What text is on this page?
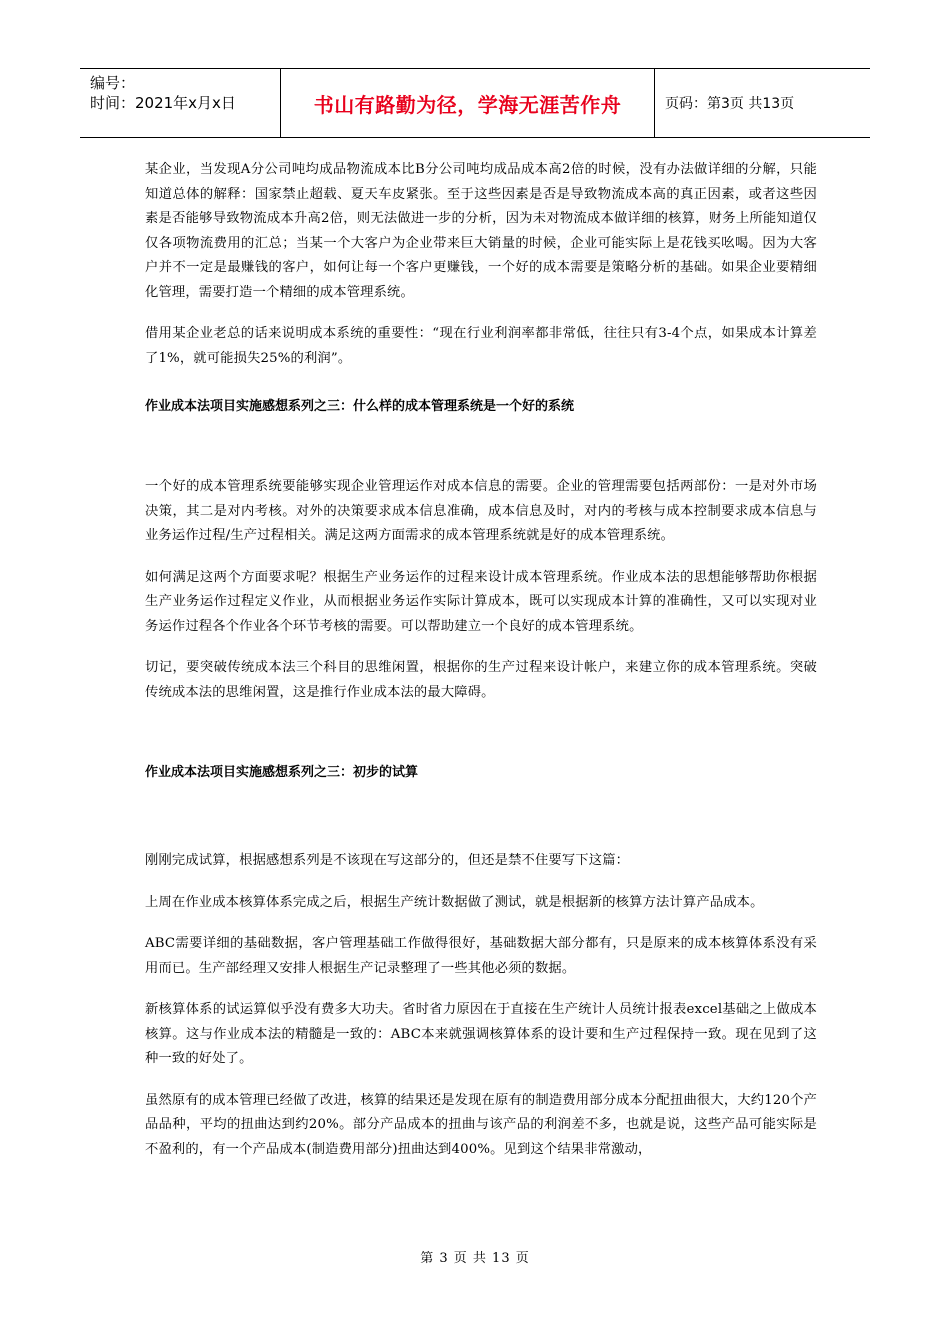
编号：
时间：2021年x月x日	书山有路勤为径，学海无涯苦作舟	页码：第3页 共13页

某企业，当发现A分公司吨均成品物流成本比B分公司吨均成品成本高2倍的时候，没有办法做详细的分解，只能知道总体的解释：国家禁止超载、夏天车皮紧张。至于这些因素是否是导致物流成本高的真正因素，或者这些因素是否能够导致物流成本升高2倍，则无法做进一步的分析，因为未对物流成本做详细的核算，财务上所能知道仅仅各项物流费用的汇总；当某一个大客户为企业带来巨大销量的时候，企业可能实际上是花钱买吆喝。因为大客户并不一定是最赚钱的客户，如何让每一个客户更赚钱，一个好的成本需要是策略分析的基础。如果企业要精细化管理，需要打造一个精细的成本管理系统。

借用某企业老总的话来说明成本系统的重要性：“现在行业利润率都非常低，往往只有3-4个点，如果成本计算差了1%，就可能损失25%的利润”。

作业成本法项目实施感想系列之三：什么样的成本管理系统是一个好的系统

一个好的成本管理系统要能够实现企业管理运作对成本信息的需要。企业的管理需要包括两部份：一是对外市场决策，其二是对内考核。对外的决策要求成本信息准确，成本信息及时，对内的考核与成本控制要求成本信息与业务运作过程/生产过程相关。满足这两方面需求的成本管理系统就是好的成本管理系统。

如何满足这两个方面要求呢？根据生产业务运作的过程来设计成本管理系统。作业成本法的思想能够帮助你根据生产业务运作过程定义作业，从而根据业务运作实际计算成本，既可以实现成本计算的准确性，又可以实现对业务运作过程各个作业各个环节考核的需要。可以帮助建立一个良好的成本管理系统。

切记，要突破传统成本法三个科目的思维闲置，根据你的生产过程来设计帐户，来建立你的成本管理系统。突破传统成本法的思维闲置，这是推行作业成本法的最大障碍。

作业成本法项目实施感想系列之三：初步的试算

刚刚完成试算，根据感想系列是不该现在写这部分的，但还是禁不住要写下这篇：

上周在作业成本核算体系完成之后，根据生产统计数据做了测试，就是根据新的核算方法计算产品成本。

ABC需要详细的基础数据，客户管理基础工作做得很好，基础数据大部分都有，只是原来的成本核算体系没有采用而已。生产部经理又安排人根据生产记录整理了一些其他必须的数据。

新核算体系的试运算似乎没有费多大功夫。省时省力原因在于直接在生产统计人员统计报表excel基础之上做成本核算。这与作业成本法的精髓是一致的：ABC本来就强调核算体系的设计要和生产过程保持一致。现在见到了这种一致的好处了。

虽然原有的成本管理已经做了改进，核算的结果还是发现在原有的制造费用部分成本分配扭曲很大，大约120个产品品种，平均的扭曲达到约20%。部分产品成本的扭曲与该产品的利润差不多，也就是说，这些产品可能实际是不盈利的，有一个产品成本(制造费用部分)扭曲达到400%。见到这个结果非常激动，

第 3 页 共 13 页
